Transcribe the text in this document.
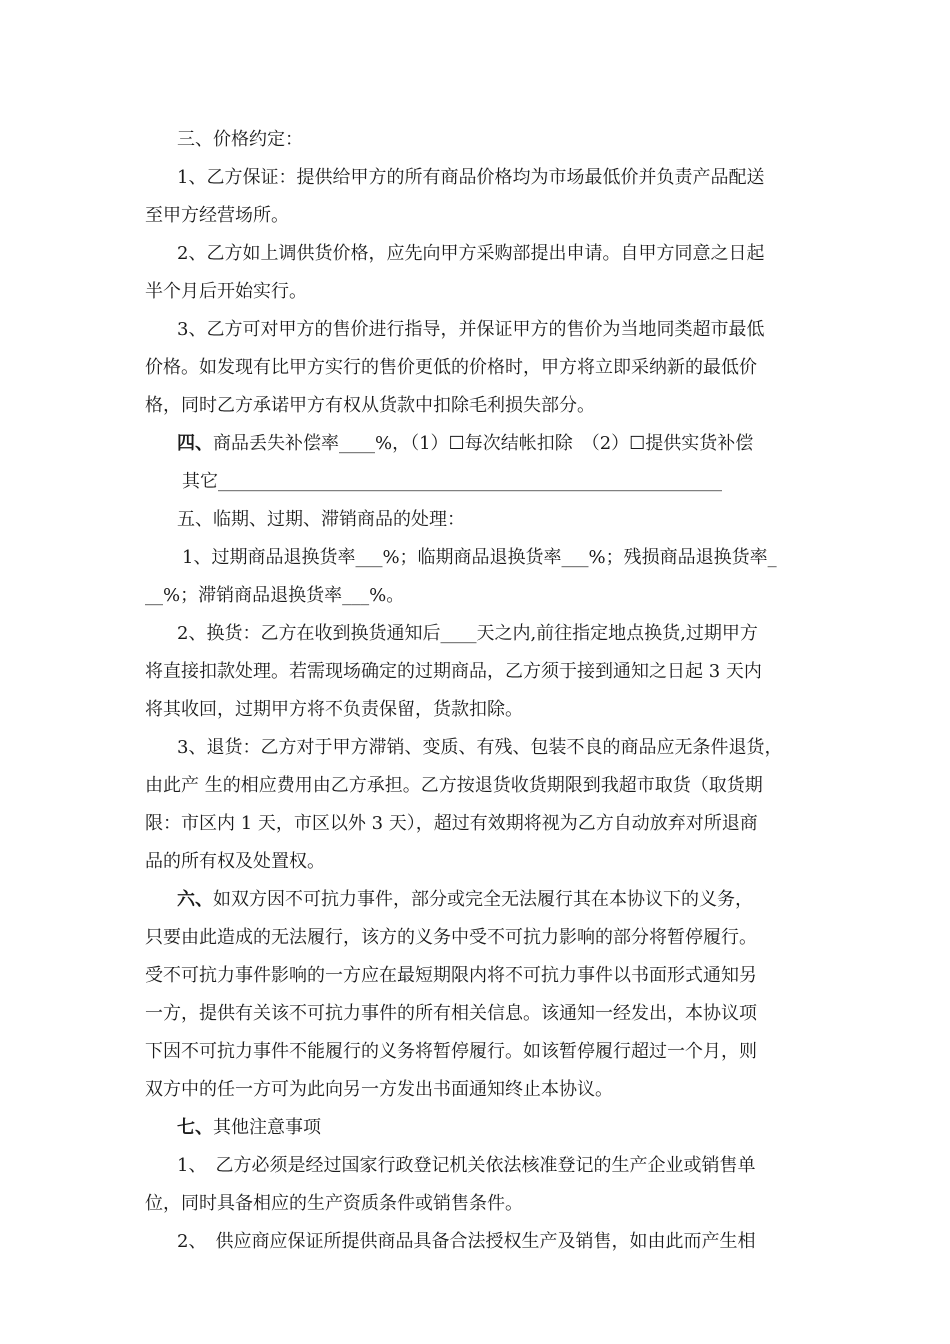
三、价格约定：
1、乙方保证：提供给甲方的所有商品价格均为市场最低价并负责产品配送
至甲方经营场所。
2、乙方如上调供货价格，应先向甲方采购部提出申请。自甲方同意之日起
半个月后开始实行。
3、乙方可对甲方的售价进行指导，并保证甲方的售价为当地同类超市最低
价格。如发现有比甲方实行的售价更低的价格时，甲方将立即采纳新的最低价
格，同时乙方承诺甲方有权从货款中扣除毛利损失部分。
四、商品丢失补偿率____%，（1）☐每次结帐扣除　（2）☐提供实货补偿
其它________________________________________________________
五、临期、过期、滞销商品的处理：
1、过期商品退换货率___%；临期商品退换货率___%；残损商品退换货率_
__%；滞销商品退换货率___%。
2、换货：乙方在收到换货通知后____天之内,前往指定地点换货,过期甲方
将直接扣款处理。若需现场确定的过期商品，乙方须于接到通知之日起 3 天内
将其收回，过期甲方将不负责保留，货款扣除。
3、退货：乙方对于甲方滞销、变质、有残、包装不良的商品应无条件退货，
由此产 生的相应费用由乙方承担。乙方按退货收货期限到我超市取货（取货期
限：市区内 1 天，市区以外 3 天），超过有效期将视为乙方自动放弃对所退商
品的所有权及处置权。
六、如双方因不可抗力事件，部分或完全无法履行其在本协议下的义务，
只要由此造成的无法履行，该方的义务中受不可抗力影响的部分将暂停履行。
受不可抗力事件影响的一方应在最短期限内将不可抗力事件以书面形式通知另
一方，提供有关该不可抗力事件的所有相关信息。该通知一经发出，本协议项
下因不可抗力事件不能履行的义务将暂停履行。如该暂停履行超过一个月，则
双方中的任一方可为此向另一方发出书面通知终止本协议。
七、其他注意事项
1、　乙方必须是经过国家行政登记机关依法核准登记的生产企业或销售单
位，同时具备相应的生产资质条件或销售条件。
2、　供应商应保证所提供商品具备合法授权生产及销售，如由此而产生相
